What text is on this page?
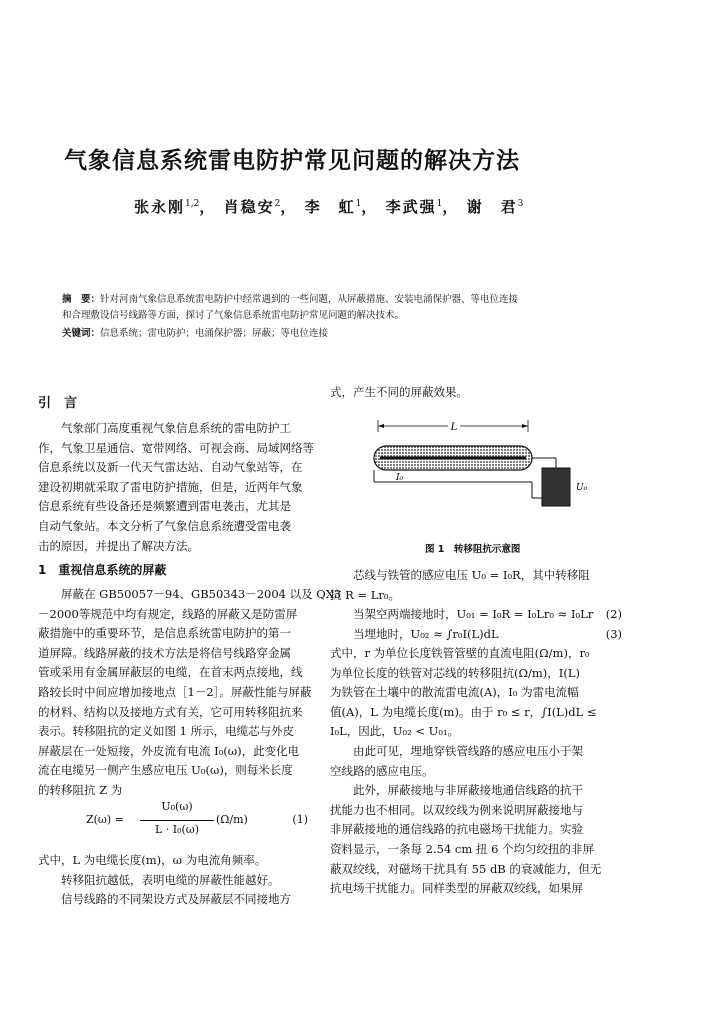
气象信息系统雷电防护常见问题的解决方法
张永刚$^{1,2}$， 肖稳安$^2$， 李　虹$^1$， 李武强$^1$， 谢　君$^3$
摘　要：针对河南气象信息系统雷电防护中经常遇到的一些问题，从屏蔽措施、安装电涌保护器、等电位连接
和合理敷设信号线路等方面，探讨了气象信息系统雷电防护常见问题的解决技术。
关键词：信息系统；雷电防护；电涌保护器；屏蔽；等电位连接
引　言
　　气象部门高度重视气象信息系统的雷电防护工
作，气象卫星通信、宽带网络、可视会商、局域网络等
信息系统以及新一代天气雷达站、自动气象站等，在
建设初期就采取了雷电防护措施，但是，近两年气象
信息系统有些设备还是频繁遭到雷电袭击，尤其是
自动气象站。本文分析了气象信息系统遭受雷电袭
击的原因，并提出了解决方法。
1　重视信息系统的屏蔽
　　屏蔽在 GB50057－94、GB50343－2004 以及 QX3
－2000等规范中均有规定，线路的屏蔽又是防雷屏
蔽措施中的重要环节，是信息系统雷电防护的第一
道屏障。线路屏蔽的技术方法是将信号线路穿金属
管或采用有金属屏蔽层的电缆，在首末两点接地，线
路较长时中间应增加接地点［1－2］。屏蔽性能与屏蔽
的材料、结构以及接地方式有关，它可用转移阻抗来
表示。转移阻抗的定义如图 1 所示，电缆芯与外皮
屏蔽层在一处短接，外皮流有电流 I₀(ω)，此变化电
流在电缆另一侧产生感应电压 U₀(ω)，则每米长度
的转移阻抗 Z 为
Z(ω) =
U₀(ω)
L · I₀(ω)
(Ω/m)	(1)
式中，L 为电缆长度(m)，ω 为电流角频率。
　　转移阻抗越低，表明电缆的屏蔽性能越好。
　　信号线路的不同架设方式及屏蔽层不同接地方
式，产生不同的屏蔽效果。
L
I₀
U₀
图 1　转移阻抗示意图
　　芯线与铁管的感应电压 U₀ = I₀R，其中转移阻
抗 R = Lr₀。
　　当架空两端接地时，U₀₁ = I₀R = I₀Lr₀ ≈ I₀Lr (2)
　　当埋地时，U₀₂ ≈ ∫r₀I(L)dL	(3)
式中，r 为单位长度铁管管壁的直流电阻(Ω/m)，r₀
为单位长度的铁管对芯线的转移阻抗(Ω/m)，I(L)
为铁管在土壤中的散流雷电流(A)，I₀ 为雷电流幅
值(A)，L 为电缆长度(m)。由于 r₀ ≤ r，∫I(L)dL ≤
I₀L，因此，U₀₂ < U₀₁。
　　由此可见，埋地穿铁管线路的感应电压小于架
空线路的感应电压。
　　此外，屏蔽接地与非屏蔽接地通信线路的抗干
扰能力也不相同。以双绞线为例来说明屏蔽接地与
非屏蔽接地的通信线路的抗电磁场干扰能力。实验
资料显示，一条每 2.54 cm 扭 6 个均匀绞扭的非屏
蔽双绞线，对磁场干扰具有 55 dB 的衰减能力，但无
抗电场干扰能力。同样类型的屏蔽双绞线，如果屏
